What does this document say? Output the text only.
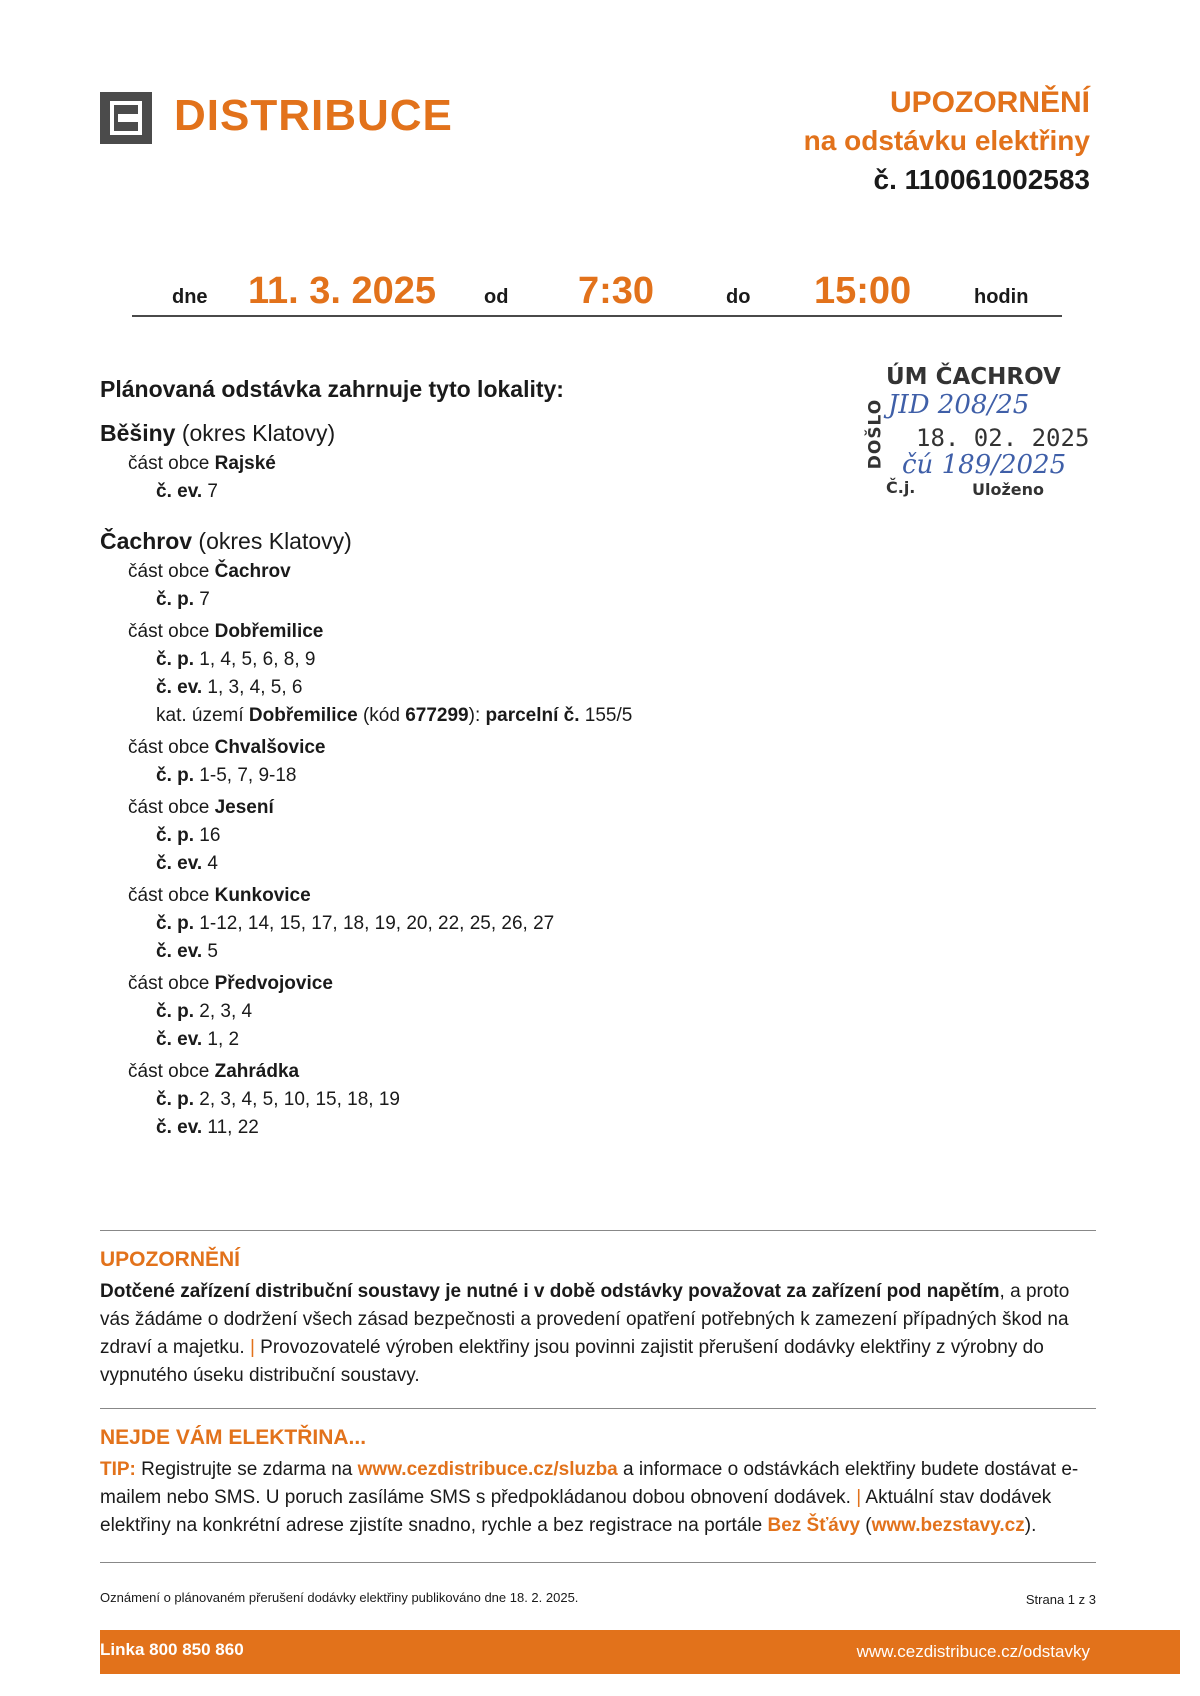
DISTRIBUCE	UPOZORNĚNÍ
na odstávku elektřiny
č. 110061002583
dne 11. 3. 2025 od 7:30	do 15:00	hodin
ÚM ČACHROV
DOŠLO 18. 02. 2025
Č.j.	Uloženo
JID 208/25
čú 189/2025
Plánovaná odstávka zahrnuje tyto lokality:
Běšiny (okres Klatovy)
část obce Rajské
č. ev. 7
Čachrov (okres Klatovy)
část obce Čachrov
č. p. 7
část obce Dobřemilice
č. p. 1, 4, 5, 6, 8, 9
č. ev. 1, 3, 4, 5, 6
kat. území Dobřemilice (kód 677299): parcelní č. 155/5
část obce Chvalšovice
č. p. 1-5, 7, 9-18
část obce Jesení
č. p. 16
č. ev. 4
část obce Kunkovice
č. p. 1-12, 14, 15, 17, 18, 19, 20, 22, 25, 26, 27
č. ev. 5
část obce Předvojovice
č. p. 2, 3, 4
č. ev. 1, 2
část obce Zahrádka
č. p. 2, 3, 4, 5, 10, 15, 18, 19
č. ev. 11, 22
UPOZORNĚNÍ
Dotčené zařízení distribuční soustavy je nutné i v době odstávky považovat za zařízení pod napětím, a proto vás žádáme o dodržení všech zásad bezpečnosti a provedení opatření potřebných k zamezení případných škod na zdraví a majetku. | Provozovatelé výroben elektřiny jsou povinni zajistit přerušení dodávky elektřiny z výrobny do vypnutého úseku distribuční soustavy.
NEJDE VÁM ELEKTŘINA...
TIP: Registrujte se zdarma na www.cezdistribuce.cz/sluzba a informace o odstávkách elektřiny budete dostávat e-mailem nebo SMS. U poruch zasíláme SMS s předpokládanou dobou obnovení dodávek. | Aktuální stav dodávek elektřiny na konkrétní adrese zjistíte snadno, rychle a bez registrace na portále Bez Šťávy (www.bezstavy.cz).
Oznámení o plánovaném přerušení dodávky elektřiny publikováno dne 18. 2. 2025.	Strana 1 z 3
Linka 800 850 860	www.cezdistribuce.cz/odstavky
